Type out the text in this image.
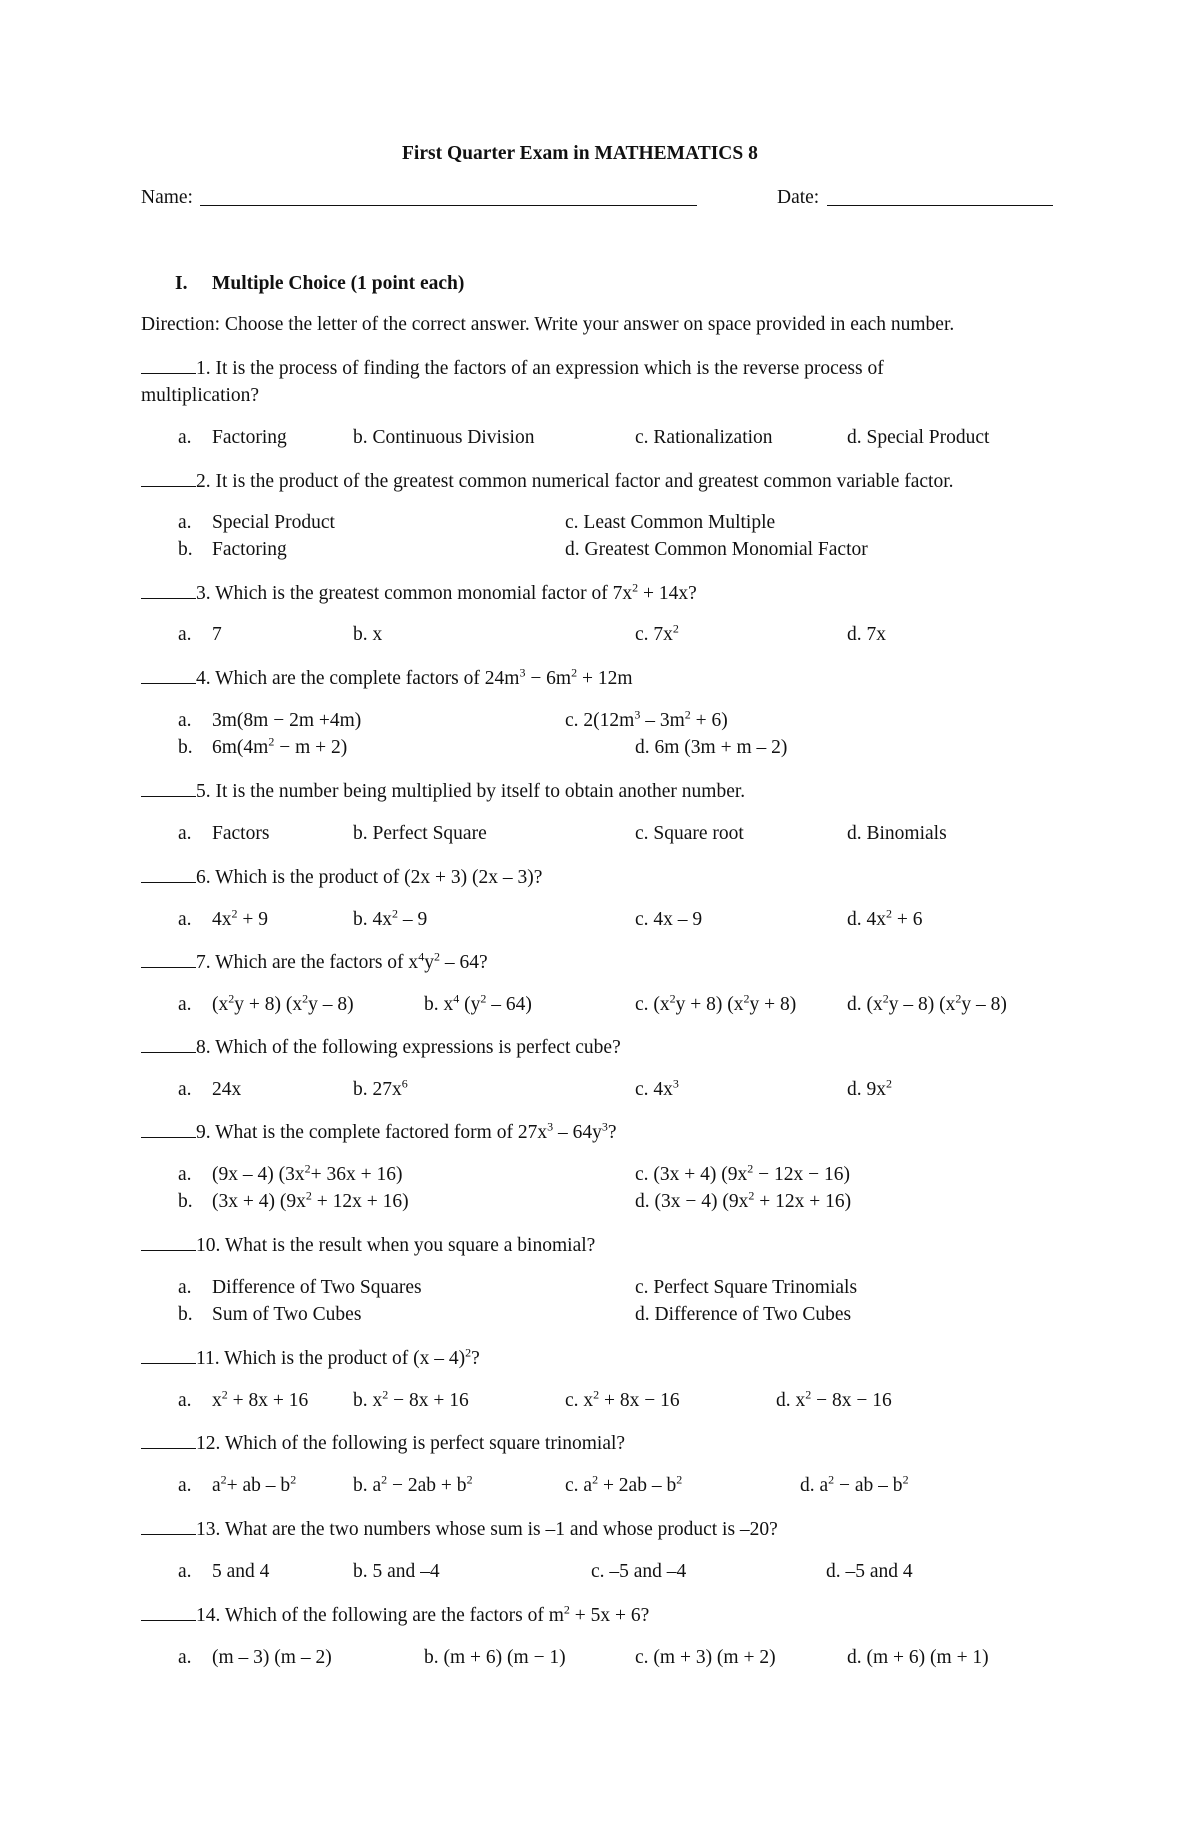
First Quarter Exam in MATHEMATICS 8
Name:	Date:
I. Multiple Choice (1 point each)
Direction: Choose the letter of the correct answer. Write your answer on space provided in each number.
1. It is the process of finding the factors of an expression which is the reverse process of
multiplication?
a. Factoring	b. Continuous Division	c. Rationalization	d. Special Product
2. It is the product of the greatest common numerical factor and greatest common variable factor.
a. Special Product	c. Least Common Multiple
b. Factoring	d. Greatest Common Monomial Factor
3. Which is the greatest common monomial factor of $7x^2 + 14x$?
a. 7	b. x	c. $7x^2$	d. 7x
4. Which are the complete factors of $24m^3 - 6m^2 + 12m$
a. 3m(8m − 2m +4m)	c. $2(12m^3 - 3m^2 + 6)$
b. $6m(4m^2 - m + 2)$	d. 6m (3m + m – 2)
5. It is the number being multiplied by itself to obtain another number.
a. Factors	b. Perfect Square	c. Square root	d. Binomials
6. Which is the product of (2x + 3) (2x – 3)?
a. $4x^2 + 9$	b. $4x^2 - 9$	c. 4x – 9	d. $4x^2 + 6$
7. Which are the factors of $x^4y^2 - 64$?
a. $(x^2y + 8)$ $(x^2y - 8)$	b. $x^4$ $(y^2 - 64)$	c. $(x^2y + 8) (x^2y + 8)$	d. $(x^2y - 8)$ $(x^2y - 8)$
8. Which of the following expressions is perfect cube?
a. 24x	b. $27x^6$	c. $4x^3$	d. $9x^2$
9. What is the complete factored form of $27x^3 - 64y^3$?
a. (9x – 4) $(3x^2+ 36x + 16)$	c. (3x + 4) $(9x^2 - 12x - 16)$
b. (3x + 4) $(9x^2 + 12x + 16)$	d. (3x − 4) $(9x^2 + 12x + 16)$
10. What is the result when you square a binomial?
a. Difference of Two Squares	c. Perfect Square Trinomials
b. Sum of Two Cubes	d. Difference of Two Cubes
11. Which is the product of (x – 4)$^2$?
a. $x^2 + 8x + 16$ b. $x^2 - 8x + 16$	c. $x^2 + 8x - 16$	d. $x^2 - 8x - 16$
12. Which of the following is perfect square trinomial?
a. $a^2+$ ab – $b^2$	b. $a^2 - 2ab + b^2$	c. $a^2 + 2ab - b^2$	d. $a^2$ − ab – $b^2$
13. What are the two numbers whose sum is –1 and whose product is –20?
a. 5 and 4	b. 5 and –4	c. –5 and –4	d. –5 and 4
14. Which of the following are the factors of $m^2 + 5x + 6$?
a. (m – 3) (m – 2)	b. (m + 6) (m − 1)	c. (m + 3) (m + 2)	d. (m + 6) (m + 1)
